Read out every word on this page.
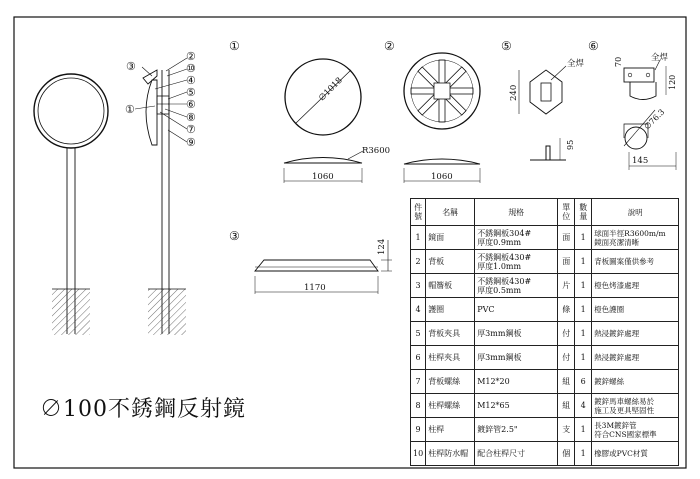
③
②
⑩
④
⑤
①	⑥
⑧
⑦
⑨
①
∅1018
R3600
1060
②
1060
⑤
全焊
240
95
⑥
全焊
70
120
∅76.3
145
③
124
1170
件號	名稱	規格	單位	數量	說明
1	鏡面	不銹鋼板304#
厚度0.9mm	面	1	球面半徑R3600m/m
鏡面亮潔清晰

2	背板	不銹鋼板430#
厚度1.0mm	面	1	背板圖案僅供參考

3	帽簷板	不銹鋼板430#
厚度0.5mm	片	1	橙色烤漆處理

4	護圈	PVC	條	1	橙色護圈

5	背板夾具	厚3mm鋼板	付	1	熱浸鍍鋅處理

6	柱桿夾具	厚3mm鋼板	付	1	熱浸鍍鋅處理

7	背板螺絲	M12*20	組	6	鍍鋅螺絲

8	柱桿螺絲	M12*65	組	4	鍍鋅馬車螺絲易於
施工及更具堅固性

9	柱桿	鍍鋅管2.5"	支	1	長3M鍍鋅管
符合CNS國家標準

10	柱桿防水帽	配合柱桿尺寸	個	1	橡膠或PVC材質
∅100不銹鋼反射鏡
